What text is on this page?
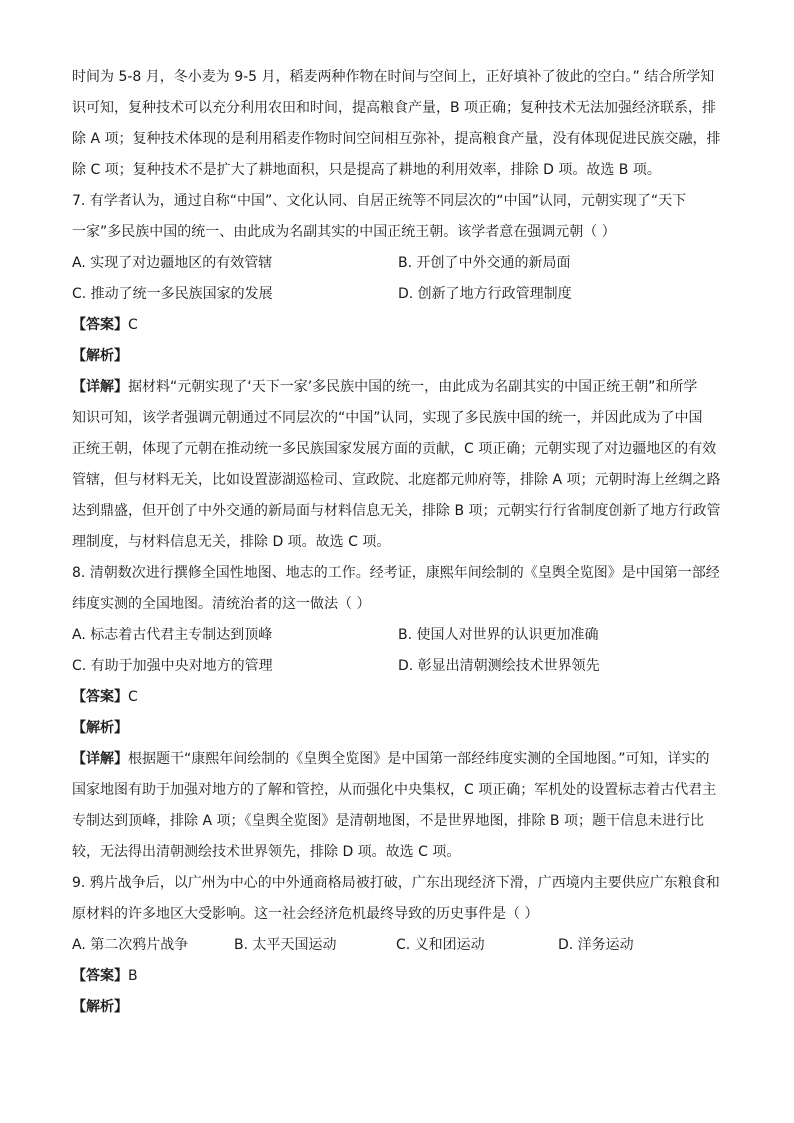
时间为 5-8 月，冬小麦为 9-5 月，稻麦两种作物在时间与空间上，正好填补了彼此的空白。” 结合所学知

识可知，复种技术可以充分利用农田和时间，提高粮食产量，B 项正确；复种技术无法加强经济联系，排

除 A 项；复种技术体现的是利用稻麦作物时间空间相互弥补，提高粮食产量，没有体现促进民族交融，排

除 C 项；复种技术不是扩大了耕地面积，只是提高了耕地的利用效率，排除 D 项。故选 B 项。

7. 有学者认为，通过自称“中国”、文化认同、自居正统等不同层次的“中国”认同，元朝实现了“天下

一家”多民族中国的统一、由此成为名副其实的中国正统王朝。该学者意在强调元朝（ ）

A. 实现了对边疆地区的有效管辖	B. 开创了中外交通的新局面
C. 推动了统一多民族国家的发展	D. 创新了地方行政管理制度
【答案】C
【解析】

【详解】据材料“元朝实现了‘天下一家’多民族中国的统一，由此成为名副其实的中国正统王朝”和所学

知识可知，该学者强调元朝通过不同层次的“中国”认同，实现了多民族中国的统一，并因此成为了中国

正统王朝，体现了元朝在推动统一多民族国家发展方面的贡献，C 项正确；元朝实现了对边疆地区的有效

管辖，但与材料无关，比如设置澎湖巡检司、宣政院、北庭都元帅府等，排除 A 项；元朝时海上丝绸之路

达到鼎盛，但开创了中外交通的新局面与材料信息无关，排除 B 项；元朝实行行省制度创新了地方行政管

理制度，与材料信息无关，排除 D 项。故选 C 项。

8. 清朝数次进行撰修全国性地图、地志的工作。经考证，康熙年间绘制的《皇舆全览图》是中国第一部经

纬度实测的全国地图。清统治者的这一做法（ ）

A. 标志着古代君主专制达到顶峰	B. 使国人对世界的认识更加准确
C. 有助于加强中央对地方的管理	D. 彰显出清朝测绘技术世界领先
【答案】C
【解析】

【详解】根据题干“康熙年间绘制的《皇舆全览图》是中国第一部经纬度实测的全国地图。”可知，详实的

国家地图有助于加强对地方的了解和管控，从而强化中央集权，C 项正确；军机处的设置标志着古代君主

专制达到顶峰，排除 A 项；《皇舆全览图》是清朝地图，不是世界地图，排除 B 项；题干信息未进行比

较，无法得出清朝测绘技术世界领先，排除 D 项。故选 C 项。

9. 鸦片战争后，以广州为中心的中外通商格局被打破，广东出现经济下滑，广西境内主要供应广东粮食和

原材料的许多地区大受影响。这一社会经济危机最终导致的历史事件是（ ）

A. 第二次鸦片战争	B. 太平天国运动	C. 义和团运动	D. 洋务运动
【答案】B
【解析】
